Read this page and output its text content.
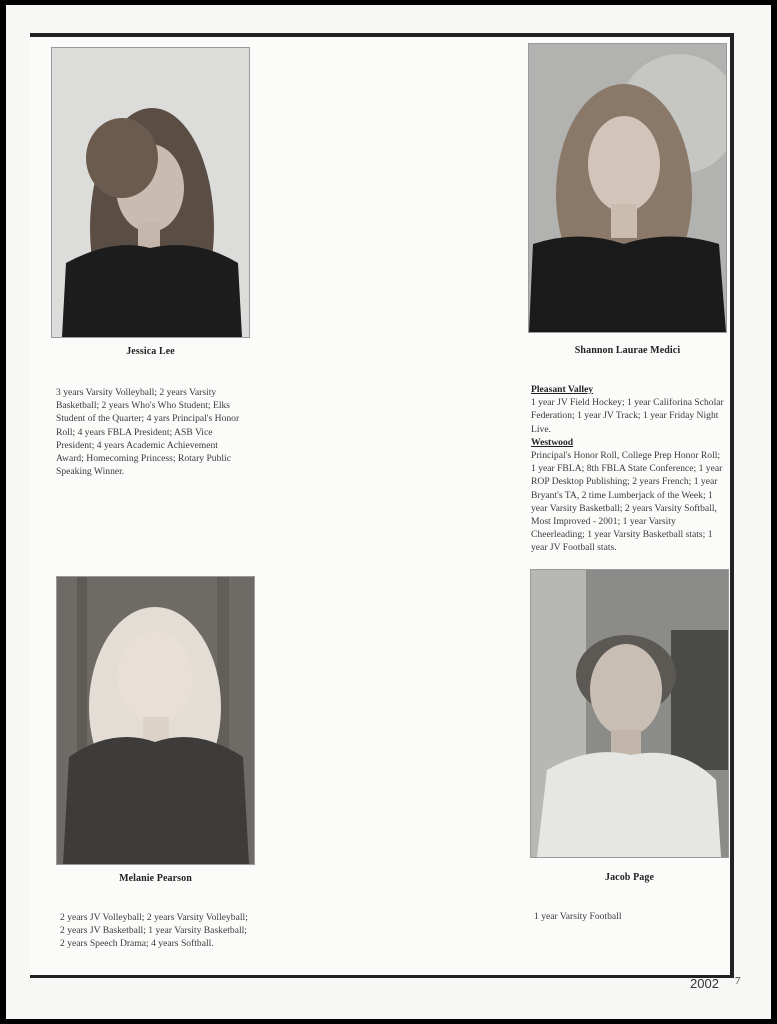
Jessica Lee
3 years Varsity Volleyball; 2 years Varsity Basketball; 2 years Who's Who Student; Elks Student of the Quarter; 4 yars Principal's Honor Roll; 4 years FBLA President; ASB Vice President; 4 years Academic Achievement Award; Homecoming Princess; Rotary Public Speaking Winner.
Shannon Laurae Medici
Pleasant Valley
1 year JV Field Hockey; 1 year Califorina Scholar Federation; 1 year JV Track; 1 year Friday Night Live.
Westwood
Principal's Honor Roll, College Prep Honor Roll; 1 year FBLA; 8th FBLA State Conference; 1 year ROP Desktop Publishing; 2 years French; 1 year Bryant's TA, 2 time Lumberjack of the Week; 1 year Varsity Basketball; 2 years Varsity Softball, Most Improved - 2001; 1 year Varsity Cheerleading; 1 year Varsity Basketball stats; 1 year JV Football stats.
Melanie Pearson
2 years JV Volleyball; 2 years Varsity Volleyball; 2 years JV Basketball; 1 year Varsity Basketball; 2 years Speech Drama; 4 years Softball.
Jacob Page
1 year Varsity Football
2002 7
